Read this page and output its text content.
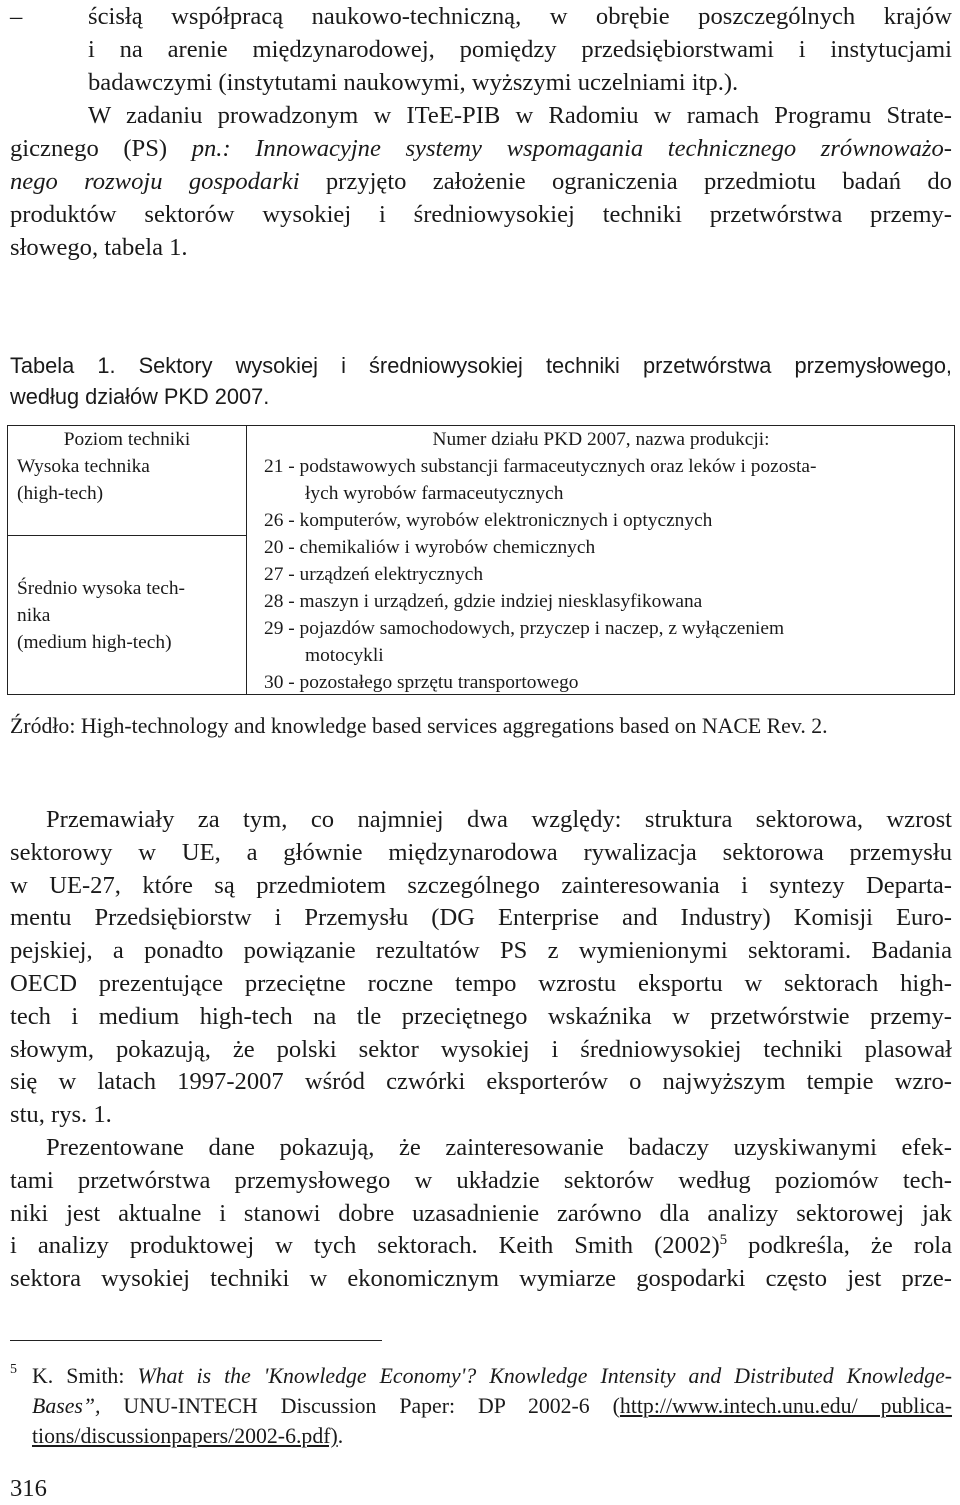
–	ścisłą współpracą naukowo-techniczną, w obrębie poszczególnych krajów
i na arenie międzynarodowej, pomiędzy przedsiębiorstwami i instytucjami
badawczymi (instytutami naukowymi, wyższymi uczelniami itp.).
W zadaniu prowadzonym w ITeE-PIB w Radomiu w ramach Programu Strate-
gicznego (PS) pn.: Innowacyjne systemy wspomagania technicznego zrównoważo-
nego rozwoju gospodarki przyjęto założenie ograniczenia przedmiotu badań do
produktów sektorów wysokiej i średniowysokiej techniki przetwórstwa przemy-
słowego, tabela 1.
Tabela 1. Sektory wysokiej i średniowysokiej techniki przetwórstwa przemysłowego,
według działów PKD 2007.
Poziom techniki	Numer działu PKD 2007, nazwa produkcji:
Wysoka technika
(high-tech)
21 - podstawowych substancji farmaceutycznych oraz leków i pozosta-
łych wyrobów farmaceutycznych
26 - komputerów, wyrobów elektronicznych i optycznych
Średnio wysoka tech-
nika
(medium high-tech)
20 - chemikaliów i wyrobów chemicznych
27 - urządzeń elektrycznych
28 - maszyn i urządzeń, gdzie indziej niesklasyfikowana
29 - pojazdów samochodowych, przyczep i naczep, z wyłączeniem
motocykli
30 - pozostałego sprzętu transportowego
Źródło: High-technology and knowledge based services aggregations based on NACE Rev. 2.
Przemawiały za tym, co najmniej dwa względy: struktura sektorowa, wzrost
sektorowy w UE, a głównie międzynarodowa rywalizacja sektorowa przemysłu
w UE-27, które są przedmiotem szczególnego zainteresowania i syntezy Departa-
mentu Przedsiębiorstw i Przemysłu (DG Enterprise and Industry) Komisji Euro-
pejskiej, a ponadto powiązanie rezultatów PS z wymienionymi sektorami. Badania
OECD prezentujące przeciętne roczne tempo wzrostu eksportu w sektorach high-
tech i medium high-tech na tle przeciętnego wskaźnika w przetwórstwie przemy-
słowym, pokazują, że polski sektor wysokiej i średniowysokiej techniki plasował
się w latach 1997-2007 wśród czwórki eksporterów o najwyższym tempie wzro-
stu, rys. 1.
Prezentowane dane pokazują, że zainteresowanie badaczy uzyskiwanymi efek-
tami przetwórstwa przemysłowego w układzie sektorów według poziomów tech-
niki jest aktualne i stanowi dobre uzasadnienie zarówno dla analizy sektorowej jak
i analizy produktowej w tych sektorach. Keith Smith $(2002)^5$ podkreśla, że rola
sektora wysokiej techniki w ekonomicznym wymiarze gospodarki często jest prze-
5 K. Smith: What is the 'Knowledge Economy'? Knowledge Intensity and Distributed Knowledge-
Bases”, UNU-INTECH Discussion Paper: DP 2002-6 (http://www.intech.unu.edu/ publica-
tions/discussionpapers/2002-6.pdf).
316
